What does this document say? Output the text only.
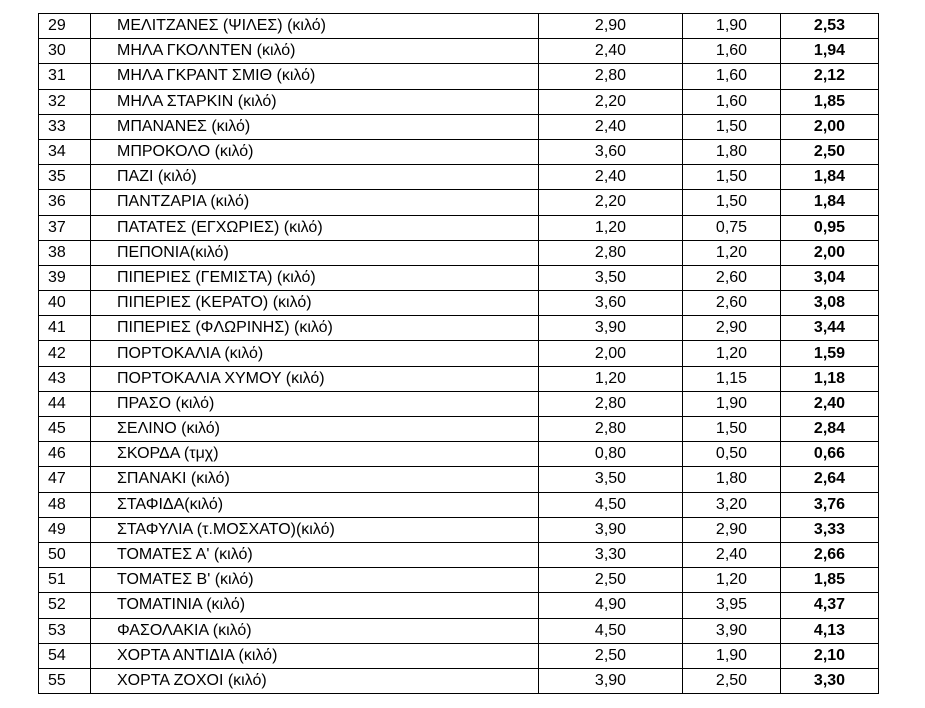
29	ΜΕΛΙΤΖΑΝΕΣ (ΨΙΛΕΣ) (κιλό)	2,90	1,90	2,53
30	ΜΗΛΑ ΓΚΟΛΝΤΕΝ (κιλό)	2,40	1,60	1,94
31	ΜΗΛΑ ΓΚΡΑΝΤ ΣΜΙΘ (κιλό)	2,80	1,60	2,12
32	ΜΗΛΑ ΣΤΑΡΚΙΝ (κιλό)	2,20	1,60	1,85
33	ΜΠΑΝΑΝΕΣ (κιλό)	2,40	1,50	2,00
34	ΜΠΡΟΚΟΛΟ (κιλό)	3,60	1,80	2,50
35	ΠΑΖΙ (κιλό)	2,40	1,50	1,84
36	ΠΑΝΤΖΑΡΙΑ (κιλό)	2,20	1,50	1,84
37	ΠΑΤΑΤΕΣ (ΕΓΧΩΡΙΕΣ) (κιλό)	1,20	0,75	0,95
38	ΠΕΠΟΝΙΑ(κιλό)	2,80	1,20	2,00
39	ΠΙΠΕΡΙΕΣ (ΓΕΜΙΣΤΑ) (κιλό)	3,50	2,60	3,04
40	ΠΙΠΕΡΙΕΣ (ΚΕΡΑΤΟ) (κιλό)	3,60	2,60	3,08
41	ΠΙΠΕΡΙΕΣ (ΦΛΩΡΙΝΗΣ) (κιλό)	3,90	2,90	3,44
42	ΠΟΡΤΟΚΑΛΙΑ (κιλό)	2,00	1,20	1,59
43	ΠΟΡΤΟΚΑΛΙΑ ΧΥΜΟΥ (κιλό)	1,20	1,15	1,18
44	ΠΡΑΣΟ (κιλό)	2,80	1,90	2,40
45	ΣΕΛΙΝΟ (κιλό)	2,80	1,50	2,84
46	ΣΚΟΡΔΑ (τμχ)	0,80	0,50	0,66
47	ΣΠΑΝΑΚΙ (κιλό)	3,50	1,80	2,64
48	ΣΤΑΦΙΔΑ(κιλό)	4,50	3,20	3,76
49	ΣΤΑΦΥΛΙΑ (τ.ΜΟΣΧΑΤΟ)(κιλό)	3,90	2,90	3,33
50	ΤΟΜΑΤΕΣ Α' (κιλό)	3,30	2,40	2,66
51	ΤΟΜΑΤΕΣ Β' (κιλό)	2,50	1,20	1,85
52	ΤΟΜΑΤΙΝΙΑ (κιλό)	4,90	3,95	4,37
53	ΦΑΣΟΛΑΚΙΑ (κιλό)	4,50	3,90	4,13
54	ΧΟΡΤΑ ΑΝΤΙΔΙΑ (κιλό)	2,50	1,90	2,10
55	ΧΟΡΤΑ ΖΟΧΟΙ (κιλό)	3,90	2,50	3,30
